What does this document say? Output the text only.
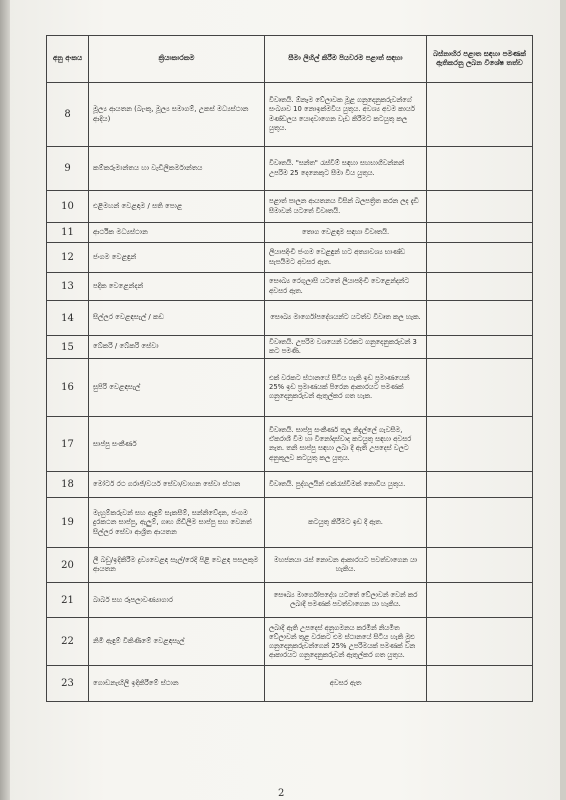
අනු අංකය	ක්‍රියාකාරකම	සීමා ලිහිල් කිරීම පියවරම පළාත් සඳහා	බස්නාහිර පළාත සඳහා පමණක් ඇතිකරනු ලබන විශේෂ තත්ව
8	මූල්‍ය ආයතන (බැංකු, මූල්‍ය සමාගම්, උකස් මධ්‍යස්ථාන ආදිය)	විවෘතයි. ඕනෑම වේලාවක මූළ ගනුදෙනුකරුවන්ගේ සංඛ්‍යාව 10 නොඉක්මවිය යුතුය. අවශ්‍ය අවම කාර්ය මණ්ඩලය යොදවාගෙන වැඩ කිරීමට කටයුතු කල යුතුය.	
9	කම්කරුමාන්තය හා වැඩිලිකර්මාන්තය	විවෘතයි. "සන්ත" රැස්වීම් සඳහා සහභාගීවන්නන් උපරිම 25 දෙනෙකුට සීමා විය යුතුය.	
10	එළිමහන් වෙළඳාම / සති පොළ	පළාත් පාලන ආයතනය විසින් බලපත්‍රිත කරන ලද දැඩි සීමාවන් යටතේ විවෘතයි.	
11	ආර්ථික මධ්‍යස්ථාන	තොග වෙළඳාම සඳහා විවෘතයි.	
12	ජංගම වෙළඳුන්	ලියාපදිංචි ජංගම වෙළඳුන් හට අත්‍යාවශ්‍ය භාණ්ඩ සැපයීමට අවසර ඇත.	
13	පදික වෙළෙන්දන්	සෞඛ්‍ය රෙගුලාසි යටතේ ලියාපදිංචි වෙළෙන්දන්ට අවසර ඇත.	
14	සිල්ලර වෙළඳසැල් / කඩ	සෞඛ්‍ය මාර්ගෝපදේශයන්ට යටත්ව විවෘත කල හැක.	
15	බේකරි / බේකරි සේවා	විවෘතයි. උපරිම වශයෙන් වරකට ගනුදෙනුකරුවන් 3 කට පමණි.	
16	සුපිරි වෙළඳසැල්	එක් වරකට ස්ථානයේ සිටිය හැකි ඉඩ ප්‍රමාණයෙන් 25% ඉඩ ප්‍රමාණයක් පිරෙන ආකාරයට පමණක් ගනුදෙනුකරුවන් ඇතුල්කර ගත හැක.	
17	සාප්පු සංකීර්ණ	විවෘතයි. සාප්පු සංකීර්ණ තුල නිදැල්ලේ ගැවසීම, ඒකරාශී වීම හා විනෝදාස්වාද කටයුතු සඳහා අවසර නැත. තනි සාප්පු සඳහා ලබා දී ඇති උපදෙස් වලට අනුකූලව කටයුතු කල යුතුය.	
18	මෝටර් රථ ගරාජ්/වයර් සේවා/වාහන සේවා ස්ථාන	විවෘතයි. පුද්ගලයින් එක්රැස්වීමක් නොවිය යුතුය.	
19	මැහුම්කරුවන් සහ ඇඳුම් සැකසීම්, සන්නිවේදන, ජංගම දුරකථන සාප්පු, ඇලුම්, ගෘහ ගිඩිලිම සාප්පු සහ වෙනත් සිල්ලර සේවා ආශ්‍රිත ආයතන	කටයුතු කිරීමට ඉඩ දී ඇත.	
20	ලී බඩු/ඉදිකිරීම ද්‍රව්‍යවෙළඳ සැල්/රෙදි පිළි වෙළඳ පසලකුම ආයතන	මහජනයා රැස් නොවන ආකාරයට පවත්වාගෙන යා හැකිය.	
21	බාබර් සහ රූපලාවණ්‍යාගාර	සෞඛ්‍ය මාර්ගෝපදේශ යටතේ වේලාවන් වෙන් කර ලබාදී පමණක් පවත්වාගෙන යා හැකිය.	
22	නිමි ඇඳුම් විකිණීමේ වෙළඳසැල්	ලබාදී ඇති උපදෙස් අනුගමනය කරමින් නියමිත වේලාවන් තුළ වරකට එම ස්ථානයේ සිටිය හැකි මුළු ගනුදෙනුකරුවන්ගෙන් 25% උපරිමයක් පමණක් වන ආකාරයට ගනුදෙනුකරුවන් ඇතුල්කර ගත යුතුය.	
23	ගොඩනැඟිලි ඉදිකිරීමේ ස්ථාන	අවසර ඇත	
2
